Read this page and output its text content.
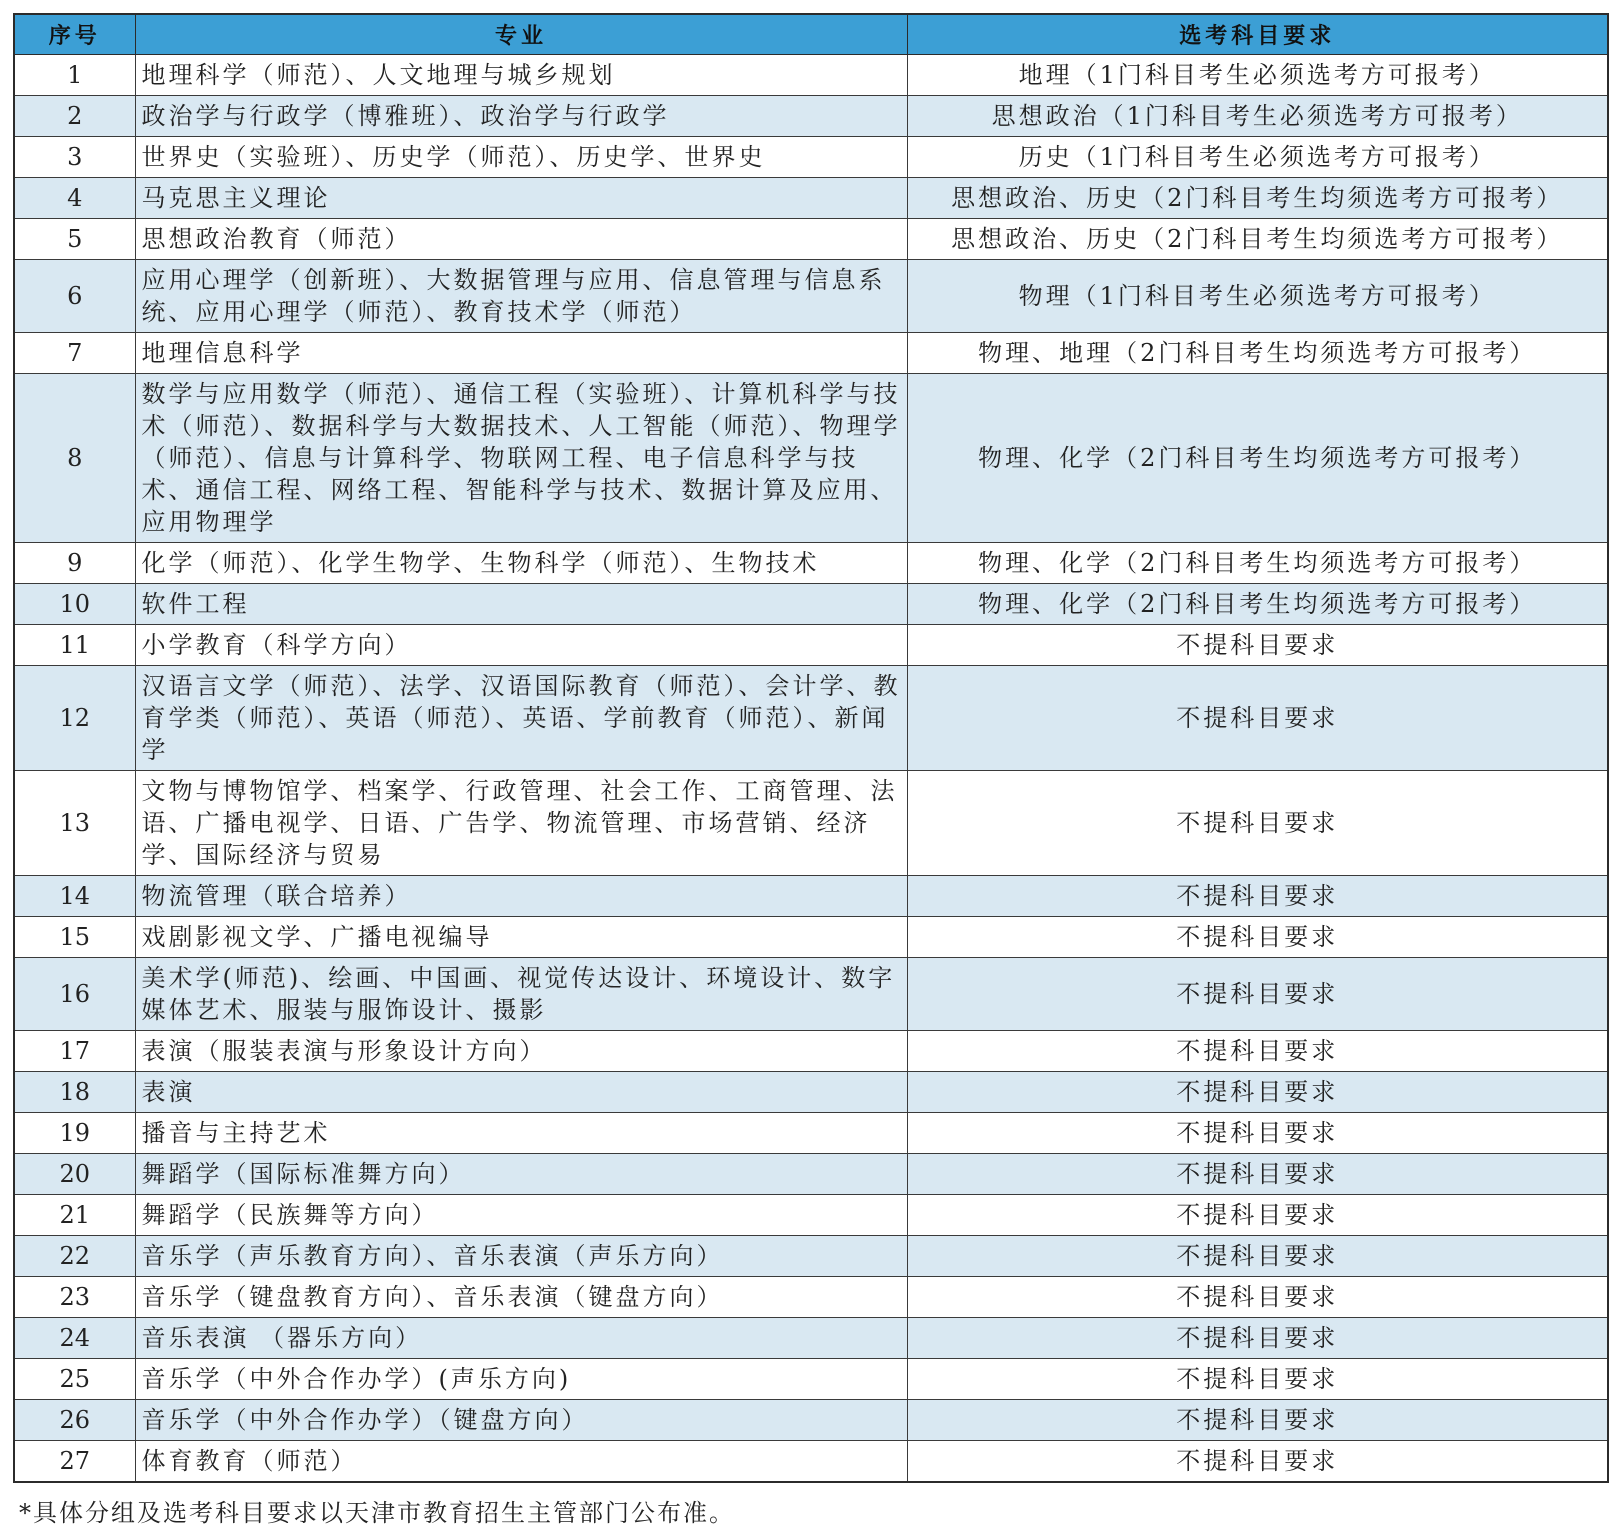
序号	专业	选考科目要求
1	地理科学（师范）、人文地理与城乡规划	地理（1门科目考生必须选考方可报考）
2	政治学与行政学（博雅班）、政治学与行政学	思想政治（1门科目考生必须选考方可报考）
3	世界史（实验班）、历史学（师范）、历史学、世界史	历史（1门科目考生必须选考方可报考）
4	马克思主义理论	思想政治、历史（2门科目考生均须选考方可报考）
5	思想政治教育（师范）	思想政治、历史（2门科目考生均须选考方可报考）
6	应用心理学（创新班）、大数据管理与应用、信息管理与信息系统、应用心理学（师范）、教育技术学（师范）	物理（1门科目考生必须选考方可报考）
7	地理信息科学	物理、地理（2门科目考生均须选考方可报考）
8	数学与应用数学（师范）、通信工程（实验班）、计算机科学与技术（师范）、数据科学与大数据技术、人工智能（师范）、物理学（师范）、信息与计算科学、物联网工程、电子信息科学与技术、通信工程、网络工程、智能科学与技术、数据计算及应用、应用物理学	物理、化学（2门科目考生均须选考方可报考）
9	化学（师范）、化学生物学、生物科学（师范）、生物技术	物理、化学（2门科目考生均须选考方可报考）
10	软件工程	物理、化学（2门科目考生均须选考方可报考）
11	小学教育（科学方向）	不提科目要求
12	汉语言文学（师范）、法学、汉语国际教育（师范）、会计学、教育学类（师范）、英语（师范）、英语、学前教育（师范）、新闻学	不提科目要求
13	文物与博物馆学、档案学、行政管理、社会工作、工商管理、法语、广播电视学、日语、广告学、物流管理、市场营销、经济学、国际经济与贸易	不提科目要求
14	物流管理（联合培养）	不提科目要求
15	戏剧影视文学、广播电视编导	不提科目要求
16	美术学(师范)、绘画、中国画、视觉传达设计、环境设计、数字媒体艺术、服装与服饰设计、摄影	不提科目要求
17	表演（服装表演与形象设计方向）	不提科目要求
18	表演	不提科目要求
19	播音与主持艺术	不提科目要求
20	舞蹈学（国际标准舞方向）	不提科目要求
21	舞蹈学（民族舞等方向）	不提科目要求
22	音乐学（声乐教育方向）、音乐表演（声乐方向）	不提科目要求
23	音乐学（键盘教育方向）、音乐表演（键盘方向）	不提科目要求
24	音乐表演 （器乐方向）	不提科目要求
25	音乐学（中外合作办学）(声乐方向)	不提科目要求
26	音乐学（中外合作办学）（键盘方向）	不提科目要求
27	体育教育（师范）	不提科目要求
*具体分组及选考科目要求以天津市教育招生主管部门公布准。
